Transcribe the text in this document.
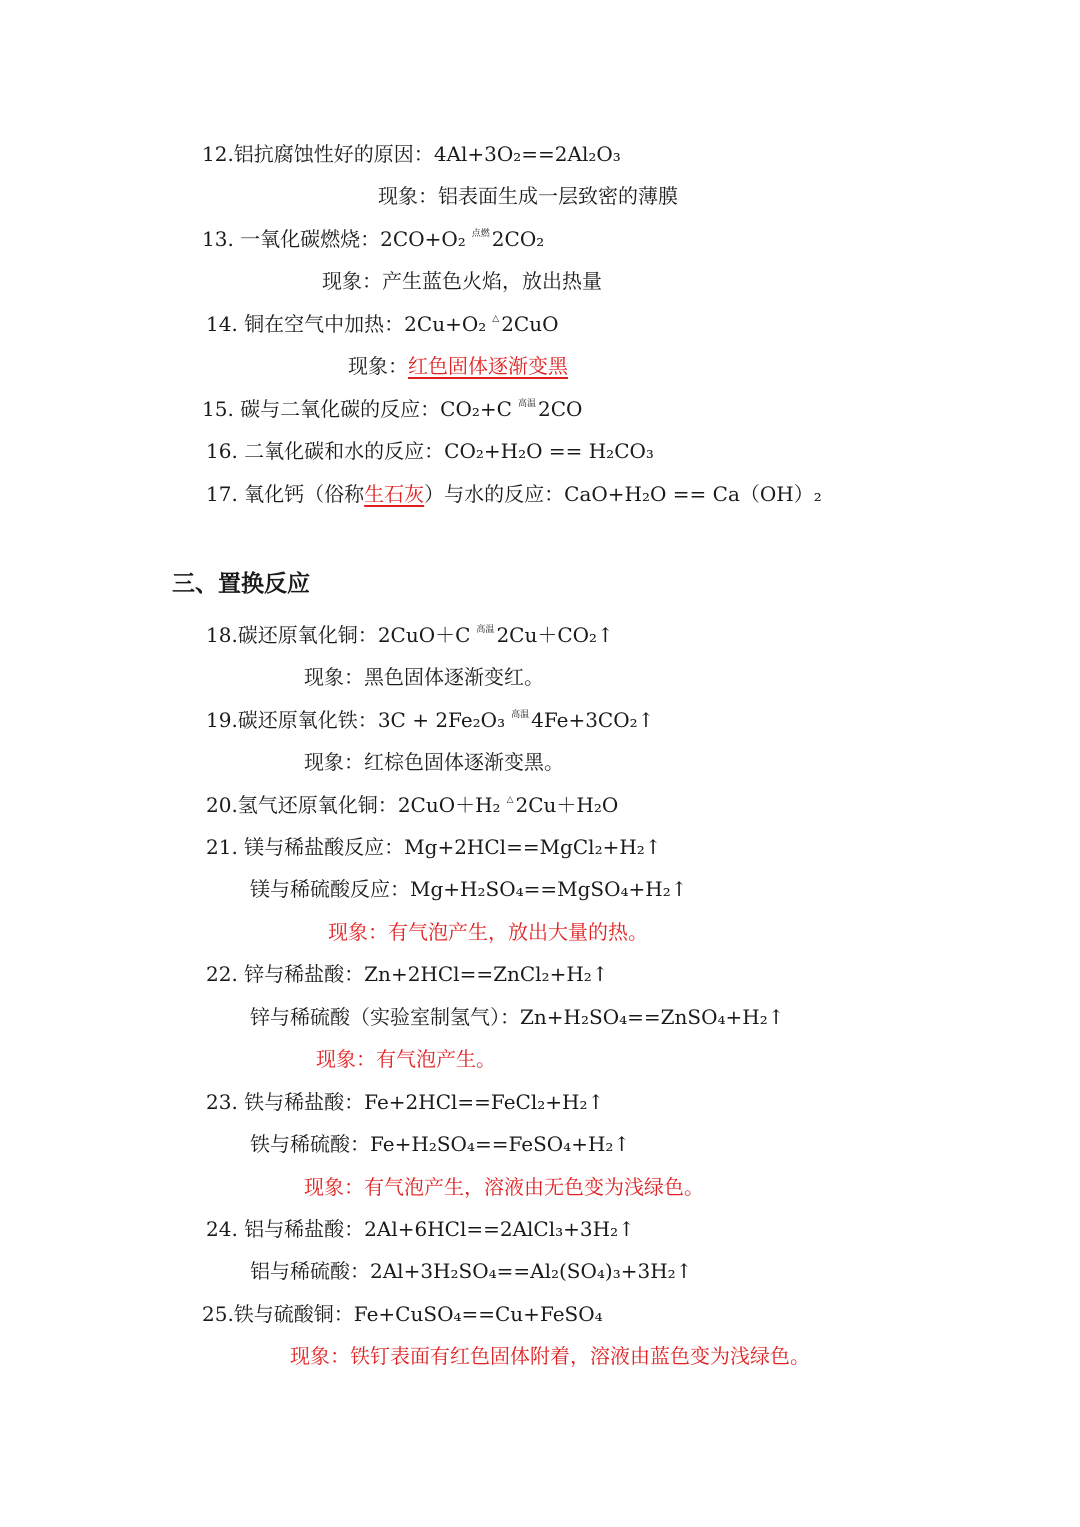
12.铝抗腐蚀性好的原因：4Al+3O₂==2Al₂O₃
现象：铝表面生成一层致密的薄膜
13. 一氧化碳燃烧：2CO+O₂ $^{点燃}$ 2CO₂
现象：产生蓝色火焰，放出热量
14. 铜在空气中加热：2Cu+O₂ △ 2CuO
现象：红色固体逐渐变黑
15. 碳与二氧化碳的反应：CO₂+C $^{高温}$ 2CO
16. 二氧化碳和水的反应：CO₂+H₂O == H₂CO₃
17. 氧化钙（俗称生石灰）与水的反应：CaO+H₂O == Ca（OH）₂
三、置换反应
18.碳还原氧化铜：2CuO＋C $^{高温}$ 2Cu＋CO₂↑
现象：黑色固体逐渐变红。
19.碳还原氧化铁：3C + 2Fe₂O₃ $^{高温}$ 4Fe+3CO₂↑
现象：红棕色固体逐渐变黑。
20.氢气还原氧化铜：2CuO＋H₂ △ 2Cu＋H₂O
21. 镁与稀盐酸反应：Mg+2HCl==MgCl₂+H₂↑
镁与稀硫酸反应：Mg+H₂SO₄==MgSO₄+H₂↑
现象：有气泡产生，放出大量的热。
22. 锌与稀盐酸：Zn+2HCl==ZnCl₂+H₂↑
锌与稀硫酸（实验室制氢气）：Zn+H₂SO₄==ZnSO₄+H₂↑
现象：有气泡产生。
23. 铁与稀盐酸：Fe+2HCl==FeCl₂+H₂↑
铁与稀硫酸：Fe+H₂SO₄==FeSO₄+H₂↑
现象：有气泡产生，溶液由无色变为浅绿色。
24. 铝与稀盐酸：2Al+6HCl==2AlCl₃+3H₂↑
铝与稀硫酸：2Al+3H₂SO₄==Al₂(SO₄)₃+3H₂↑
25.铁与硫酸铜：Fe+CuSO₄==Cu+FeSO₄
现象：铁钉表面有红色固体附着，溶液由蓝色变为浅绿色。
